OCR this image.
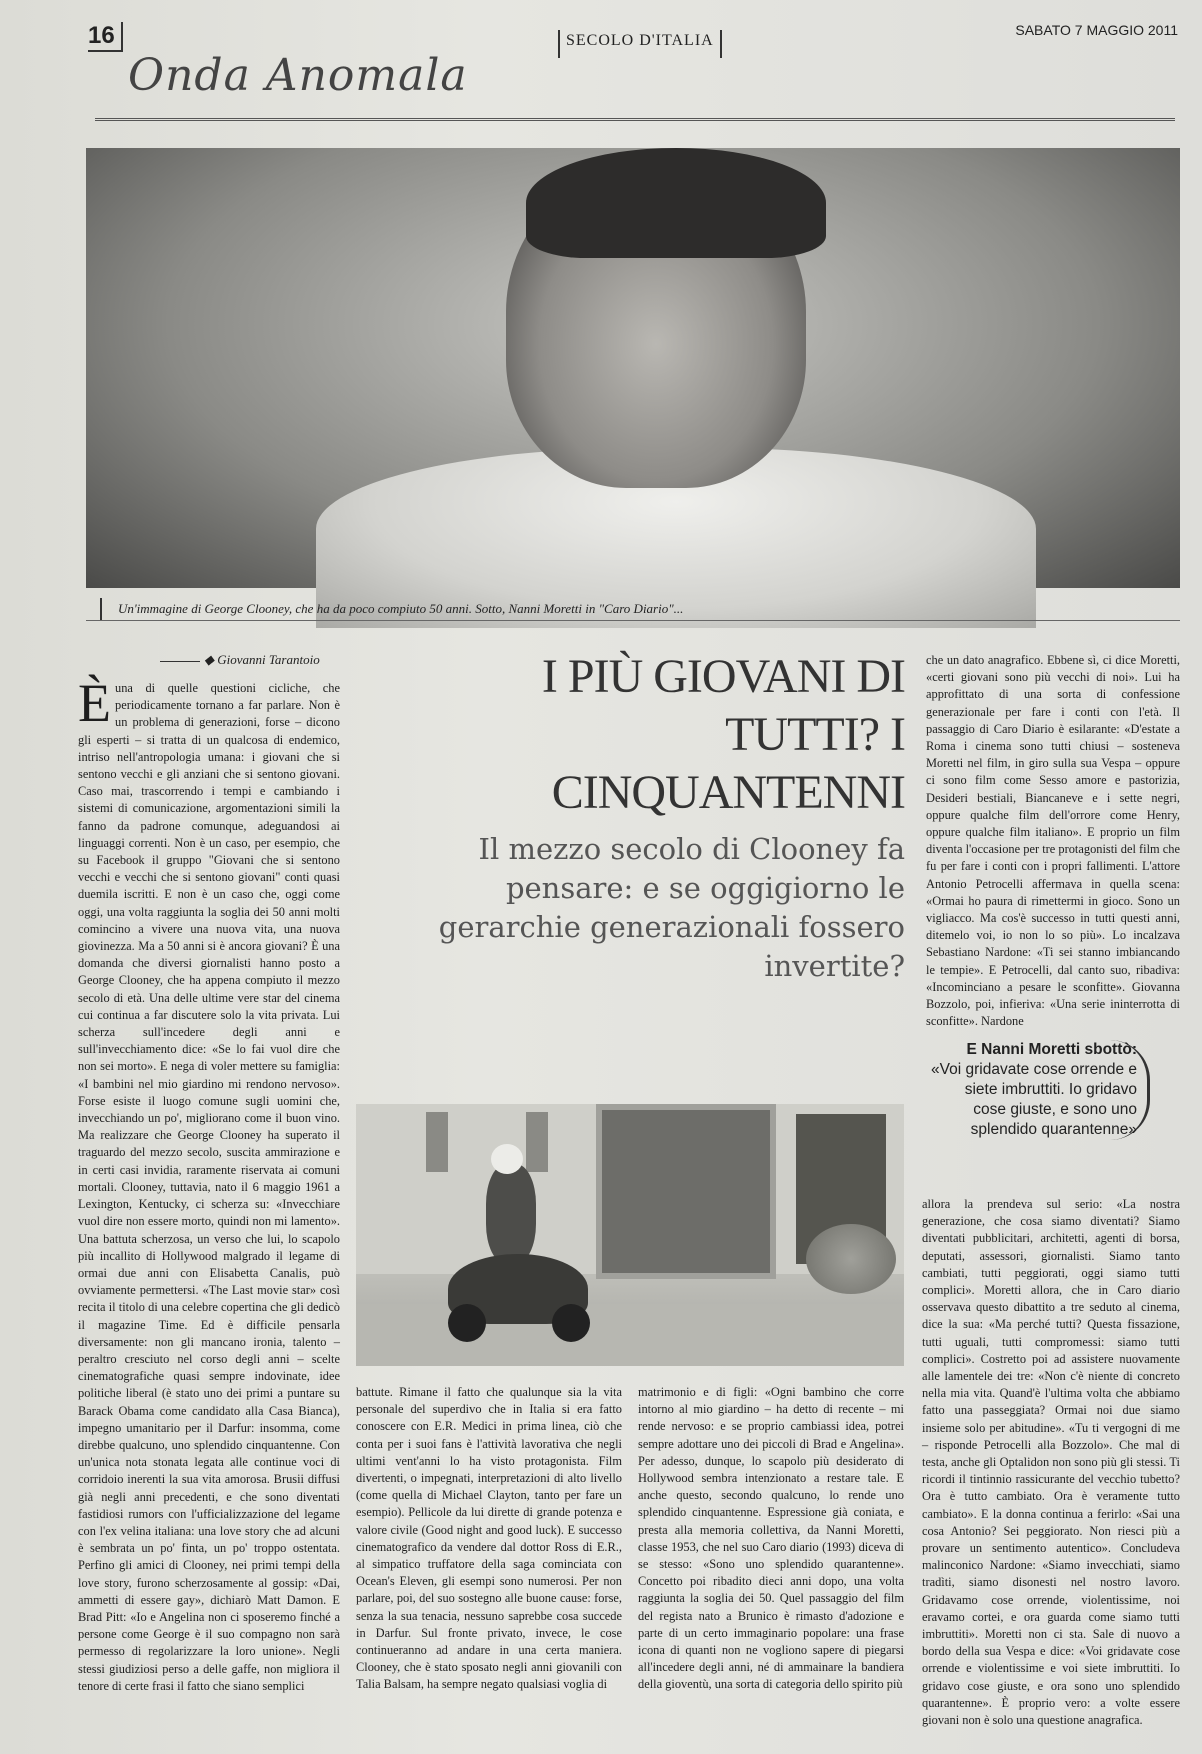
16
Onda Anomala
SECOLO D'ITALIA
SABATO 7 MAGGIO 2011
Un'immagine di George Clooney, che ha da poco compiuto 50 anni. Sotto, Nanni Moretti in "Caro Diario"...
◆ Giovanni Tarantoio
È una di quelle questioni cicliche, che periodicamente tornano a far parlare. Non è un problema di generazioni, forse – dicono gli esperti – si tratta di un qualcosa di endemico, intriso nell'antropologia umana: i giovani che si sentono vecchi e gli anziani che si sentono giovani. Caso mai, trascorrendo i tempi e cambiando i sistemi di comunicazione, argomentazioni simili la fanno da padrone comunque, adeguandosi ai linguaggi correnti. Non è un caso, per esempio, che su Facebook il gruppo "Giovani che si sentono vecchi e vecchi che si sentono giovani" conti quasi duemila iscritti. E non è un caso che, oggi come oggi, una volta raggiunta la soglia dei 50 anni molti comincino a vivere una nuova vita, una nuova giovinezza. Ma a 50 anni si è ancora giovani? È una domanda che diversi giornalisti hanno posto a George Clooney, che ha appena compiuto il mezzo secolo di età. Una delle ultime vere star del cinema cui continua a far discutere solo la vita privata. Lui scherza sull'incedere degli anni e sull'invecchiamento dice: «Se lo fai vuol dire che non sei morto». E nega di voler mettere su famiglia: «I bambini nel mio giardino mi rendono nervoso». Forse esiste il luogo comune sugli uomini che, invecchiando un po', migliorano come il buon vino. Ma realizzare che George Clooney ha superato il traguardo del mezzo secolo, suscita ammirazione e in certi casi invidia, raramente riservata ai comuni mortali. Clooney, tuttavia, nato il 6 maggio 1961 a Lexington, Kentucky, ci scherza su: «Invecchiare vuol dire non essere morto, quindi non mi lamento». Una battuta scherzosa, un verso che lui, lo scapolo più incallito di Hollywood malgrado il legame di ormai due anni con Elisabetta Canalis, può ovviamente permettersi. «The Last movie star» così recita il titolo di una celebre copertina che gli dedicò il magazine Time. Ed è difficile pensarla diversamente: non gli mancano ironia, talento – peraltro cresciuto nel corso degli anni – scelte cinematografiche quasi sempre indovinate, idee politiche liberal (è stato uno dei primi a puntare su Barack Obama come candidato alla Casa Bianca), impegno umanitario per il Darfur: insomma, come direbbe qualcuno, uno splendido cinquantenne. Con un'unica nota stonata legata alle continue voci di corridoio inerenti la sua vita amorosa. Brusii diffusi già negli anni precedenti, e che sono diventati fastidiosi rumors con l'ufficializzazione del legame con l'ex velina italiana: una love story che ad alcuni è sembrata un po' finta, un po' troppo ostentata. Perfino gli amici di Clooney, nei primi tempi della love story, furono scherzosamente al gossip: «Dai, ammetti di essere gay», dichiarò Matt Damon. E Brad Pitt: «Io e Angelina non ci sposeremo finché a persone come George è il suo compagno non sarà permesso di regolarizzare la loro unione». Negli stessi giudiziosi perso a delle gaffe, non migliora il tenore di certe frasi il fatto che siano semplici
I PIÙ GIOVANI DI TUTTI? I CINQUANTENNI
Il mezzo secolo di Clooney fa pensare: e se oggigiorno le gerarchie generazionali fossero invertite?
che un dato anagrafico. Ebbene sì, ci dice Moretti, «certi giovani sono più vecchi di noi». Lui ha approfittato di una sorta di confessione generazionale per fare i conti con l'età. Il passaggio di Caro Diario è esilarante: «D'estate a Roma i cinema sono tutti chiusi – sosteneva Moretti nel film, in giro sulla sua Vespa – oppure ci sono film come Sesso amore e pastorizia, Desideri bestiali, Biancaneve e i sette negri, oppure qualche film dell'orrore come Henry, oppure qualche film italiano». E proprio un film diventa l'occasione per tre protagonisti del film che fu per fare i conti con i propri fallimenti. L'attore Antonio Petrocelli affermava in quella scena: «Ormai ho paura di rimettermi in gioco. Sono un vigliacco. Ma cos'è successo in tutti questi anni, ditemelo voi, io non lo so più». Lo incalzava Sebastiano Nardone: «Ti sei stanno imbiancando le tempie». E Petrocelli, dal canto suo, ribadiva: «Incominciano a pesare le sconfitte». Giovanna Bozzolo, poi, infieriva: «Una serie ininterrotta di sconfitte». Nardone
E Nanni Moretti sbottò:
«Voi gridavate cose orrende e siete imbruttiti. Io gridavo cose giuste, e sono uno splendido quarantenne»
battute. Rimane il fatto che qualunque sia la vita personale del superdivo che in Italia si era fatto conoscere con E.R. Medici in prima linea, ciò che conta per i suoi fans è l'attività lavorativa che negli ultimi vent'anni lo ha visto protagonista. Film divertenti, o impegnati, interpretazioni di alto livello (come quella di Michael Clayton, tanto per fare un esempio). Pellicole da lui dirette di grande potenza e valore civile (Good night and good luck). E successo cinematografico da vendere dal dottor Ross di E.R., al simpatico truffatore della saga cominciata con Ocean's Eleven, gli esempi sono numerosi. Per non parlare, poi, del suo sostegno alle buone cause: forse, senza la sua tenacia, nessuno saprebbe cosa succede in Darfur. Sul fronte privato, invece, le cose continueranno ad andare in una certa maniera. Clooney, che è stato sposato negli anni giovanili con Talia Balsam, ha sempre negato qualsiasi voglia di
matrimonio e di figli: «Ogni bambino che corre intorno al mio giardino – ha detto di recente – mi rende nervoso: e se proprio cambiassi idea, potrei sempre adottare uno dei piccoli di Brad e Angelina». Per adesso, dunque, lo scapolo più desiderato di Hollywood sembra intenzionato a restare tale. E anche questo, secondo qualcuno, lo rende uno splendido cinquantenne. Espressione già coniata, e presta alla memoria collettiva, da Nanni Moretti, classe 1953, che nel suo Caro diario (1993) diceva di se stesso: «Sono uno splendido quarantenne». Concetto poi ribadito dieci anni dopo, una volta raggiunta la soglia dei 50. Quel passaggio del film del regista nato a Brunico è rimasto d'adozione e parte di un certo immaginario popolare: una frase icona di quanti non ne vogliono sapere di piegarsi all'incedere degli anni, né di ammainare la bandiera della gioventù, una sorta di categoria dello spirito più
allora la prendeva sul serio: «La nostra generazione, che cosa siamo diventati? Siamo diventati pubblicitari, architetti, agenti di borsa, deputati, assessori, giornalisti. Siamo tanto cambiati, tutti peggiorati, oggi siamo tutti complici». Moretti allora, che in Caro diario osservava questo dibattito a tre seduto al cinema, dice la sua: «Ma perché tutti? Questa fissazione, tutti uguali, tutti compromessi: siamo tutti complici». Costretto poi ad assistere nuovamente alle lamentele dei tre: «Non c'è niente di concreto nella mia vita. Quand'è l'ultima volta che abbiamo fatto una passeggiata? Ormai noi due siamo insieme solo per abitudine». «Tu ti vergogni di me – risponde Petrocelli alla Bozzolo». Che mal di testa, anche gli Optalidon non sono più gli stessi. Ti ricordi il tintinnio rassicurante del vecchio tubetto? Ora è tutto cambiato. Ora è veramente tutto cambiato». E la donna continua a ferirlo: «Sai una cosa Antonio? Sei peggiorato. Non riesci più a provare un sentimento autentico». Concludeva malinconico Nardone: «Siamo invecchiati, siamo tradìti, siamo disonesti nel nostro lavoro. Gridavamo cose orrende, violentissime, noi eravamo cortei, e ora guarda come siamo tutti imbruttiti». Moretti non ci sta. Sale di nuovo a bordo della sua Vespa e dice: «Voi gridavate cose orrende e violentissime e voi siete imbruttiti. Io gridavo cose giuste, e ora sono uno splendido quarantenne». È proprio vero: a volte essere giovani non è solo una questione anagrafica.
